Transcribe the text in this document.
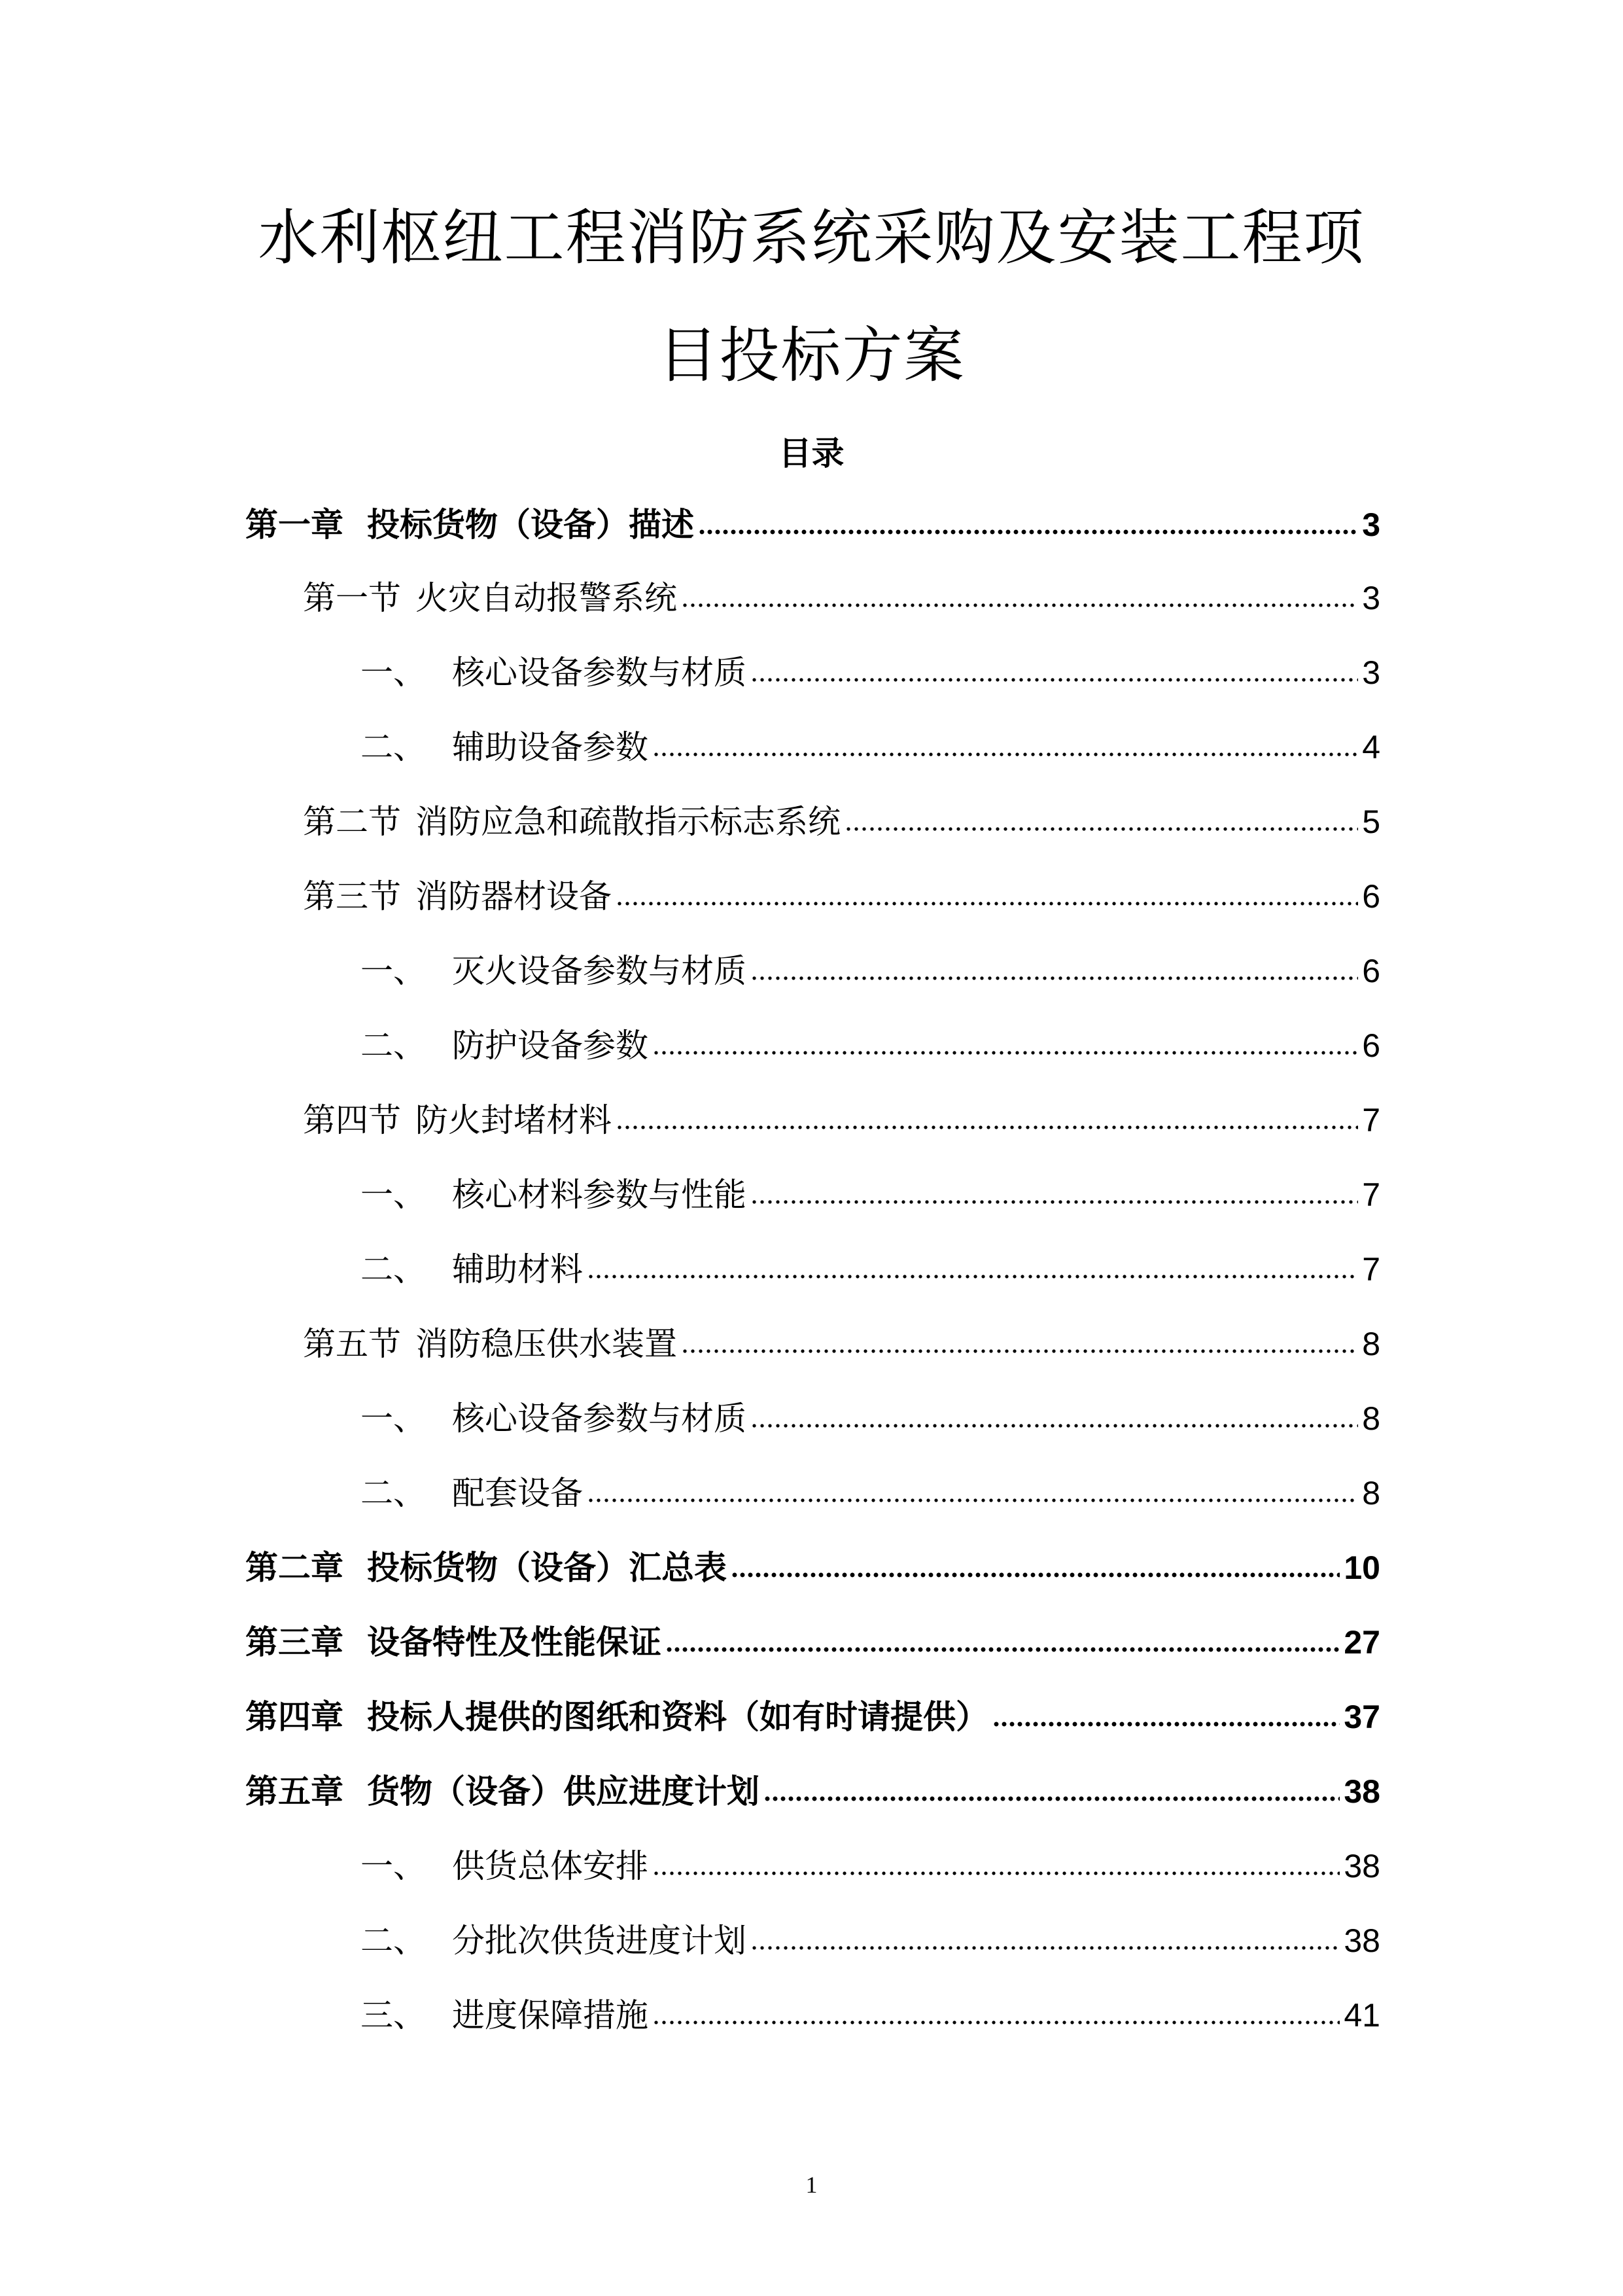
水利枢纽工程消防系统采购及安装工程项
目投标方案
目录
第一章 投标货物（设备）描述	3
第一节 火灾自动报警系统	3
一、 核心设备参数与材质	3
二、 辅助设备参数	4
第二节 消防应急和疏散指示标志系统	5
第三节 消防器材设备	6
一、 灭火设备参数与材质	6
二、 防护设备参数	6
第四节 防火封堵材料	7
一、 核心材料参数与性能	7
二、 辅助材料	7
第五节 消防稳压供水装置	8
一、 核心设备参数与材质	8
二、 配套设备	8
第二章 投标货物（设备）汇总表	10
第三章 设备特性及性能保证	27
第四章 投标人提供的图纸和资料（如有时请提供）	37
第五章 货物（设备）供应进度计划	38
一、 供货总体安排	38
二、 分批次供货进度计划	38
三、 进度保障措施	41
1
